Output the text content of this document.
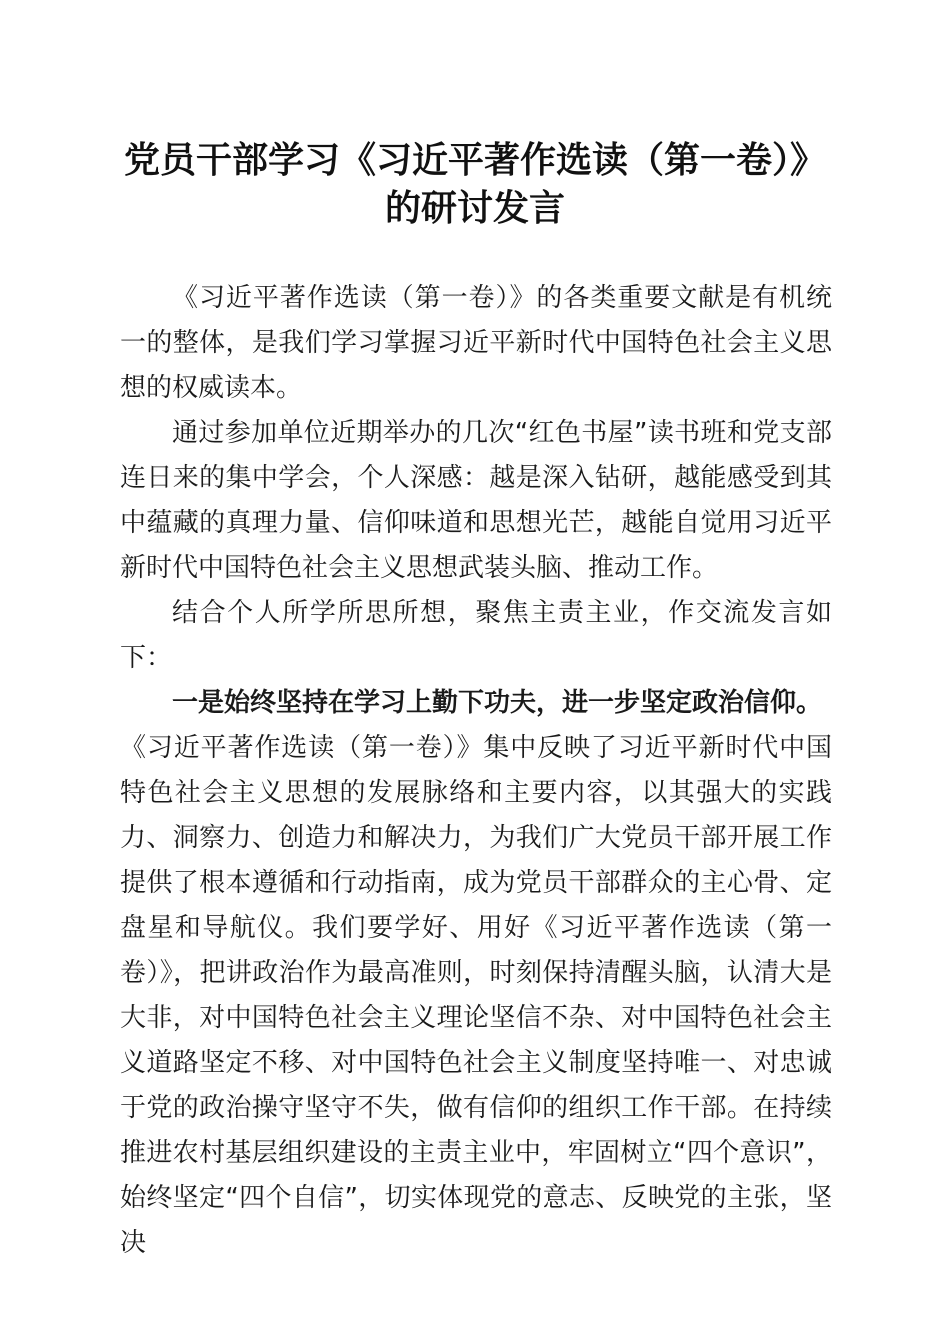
党员干部学习《习近平著作选读（第一卷）》
的研讨发言

《习近平著作选读（第一卷）》的各类重要文献是有机统一的整体，是我们学习掌握习近平新时代中国特色社会主义思想的权威读本。

通过参加单位近期举办的几次“红色书屋”读书班和党支部连日来的集中学会，个人深感：越是深入钻研，越能感受到其中蕴藏的真理力量、信仰味道和思想光芒，越能自觉用习近平新时代中国特色社会主义思想武装头脑、推动工作。

结合个人所学所思所想，聚焦主责主业，作交流发言如下：

一是始终坚持在学习上勤下功夫，进一步坚定政治信仰。

《习近平著作选读（第一卷）》集中反映了习近平新时代中国特色社会主义思想的发展脉络和主要内容，以其强大的实践力、洞察力、创造力和解决力，为我们广大党员干部开展工作提供了根本遵循和行动指南，成为党员干部群众的主心骨、定盘星和导航仪。我们要学好、用好《习近平著作选读（第一卷）》，把讲政治作为最高准则，时刻保持清醒头脑，认清大是大非，对中国特色社会主义理论坚信不杂、对中国特色社会主义道路坚定不移、对中国特色社会主义制度坚持唯一、对忠诚于党的政治操守坚守不失，做有信仰的组织工作干部。在持续推进农村基层组织建设的主责主业中，牢固树立“四个意识”，始终坚定“四个自信”，切实体现党的意志、反映党的主张，坚决
